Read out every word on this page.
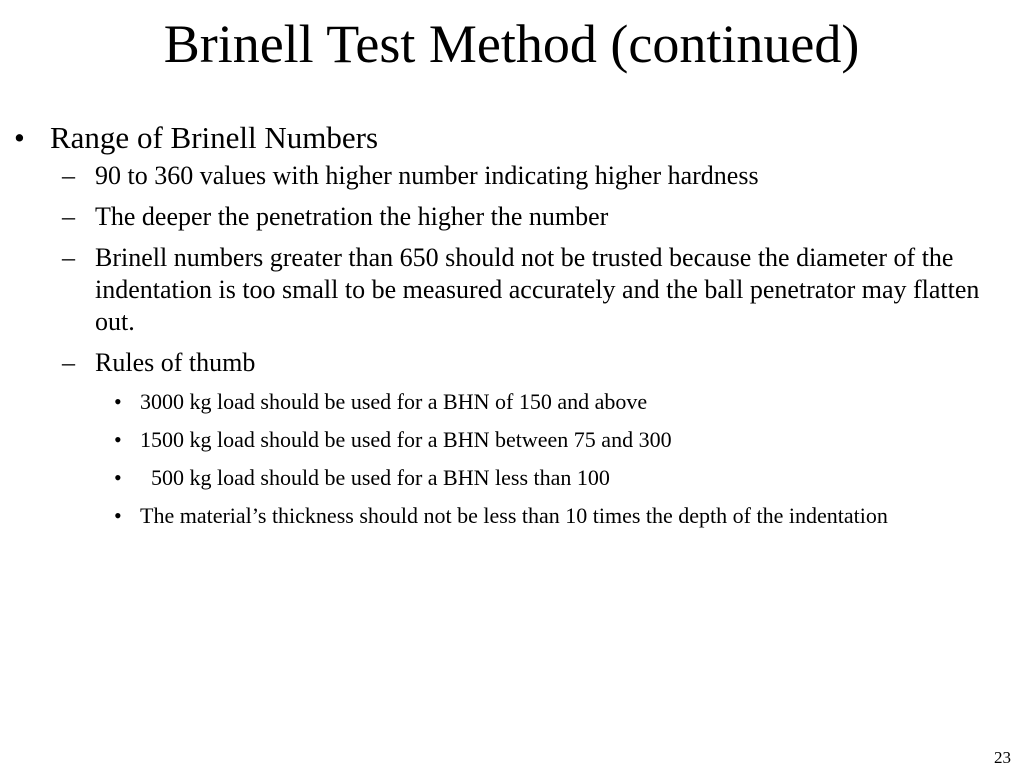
Brinell Test Method (continued)
• Range of Brinell Numbers
– 90 to 360 values with higher number indicating higher hardness
– The deeper the penetration the higher the number
– Brinell numbers greater than 650 should not be trusted because the diameter of the indentation is too small to be measured accurately and the ball penetrator may flatten out.
– Rules of thumb
• 3000 kg load should be used for a BHN of 150 and above
• 1500 kg load should be used for a BHN between 75 and 300
• 500 kg load should be used for a BHN less than 100
• The material’s thickness should not be less than 10 times the depth of the indentation
23
